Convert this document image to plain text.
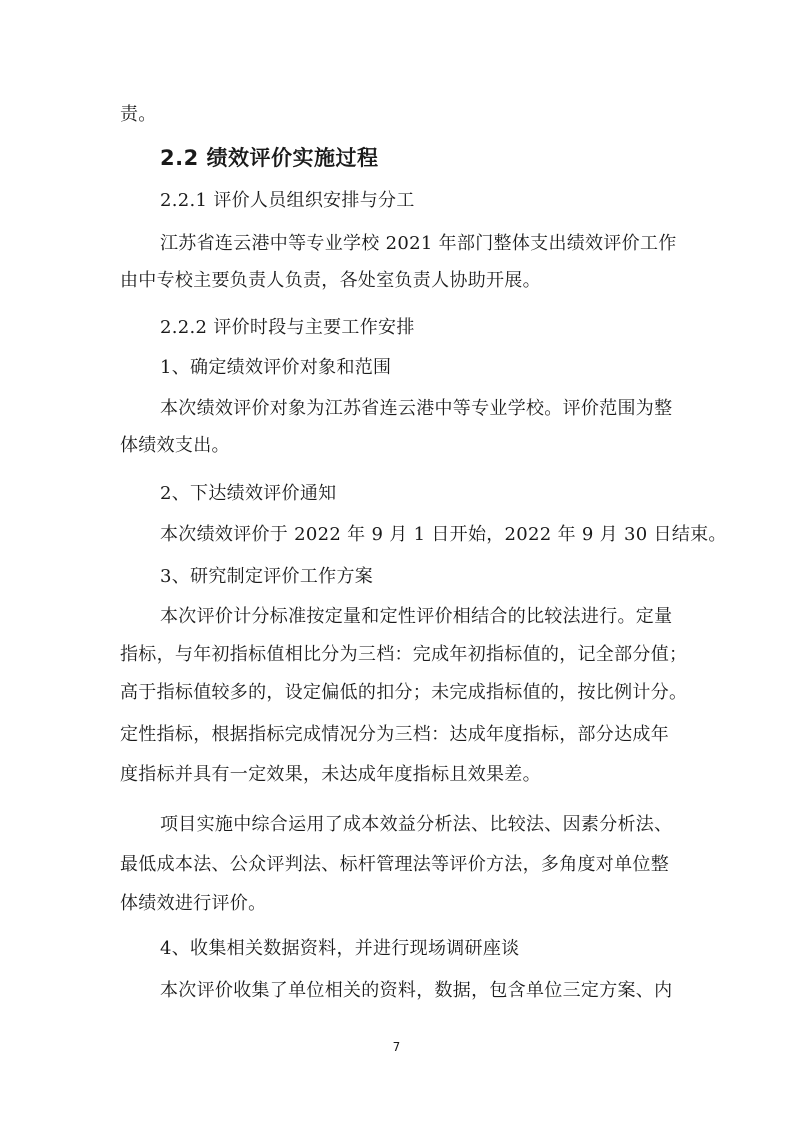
责。
2.2 绩效评价实施过程
2.2.1 评价人员组织安排与分工
江苏省连云港中等专业学校 2021 年部门整体支出绩效评价工作
由中专校主要负责人负责，各处室负责人协助开展。
2.2.2 评价时段与主要工作安排
1、确定绩效评价对象和范围
本次绩效评价对象为江苏省连云港中等专业学校。评价范围为整
体绩效支出。
2、下达绩效评价通知
本次绩效评价于 2022 年 9 月 1 日开始，2022 年 9 月 30 日结束。
3、研究制定评价工作方案
本次评价计分标准按定量和定性评价相结合的比较法进行。定量
指标，与年初指标值相比分为三档：完成年初指标值的，记全部分值；
高于指标值较多的，设定偏低的扣分；未完成指标值的，按比例计分。
定性指标，根据指标完成情况分为三档：达成年度指标，部分达成年
度指标并具有一定效果，未达成年度指标且效果差。
项目实施中综合运用了成本效益分析法、比较法、因素分析法、
最低成本法、公众评判法、标杆管理法等评价方法，多角度对单位整
体绩效进行评价。
4、收集相关数据资料，并进行现场调研座谈
本次评价收集了单位相关的资料，数据，包含单位三定方案、内
7
